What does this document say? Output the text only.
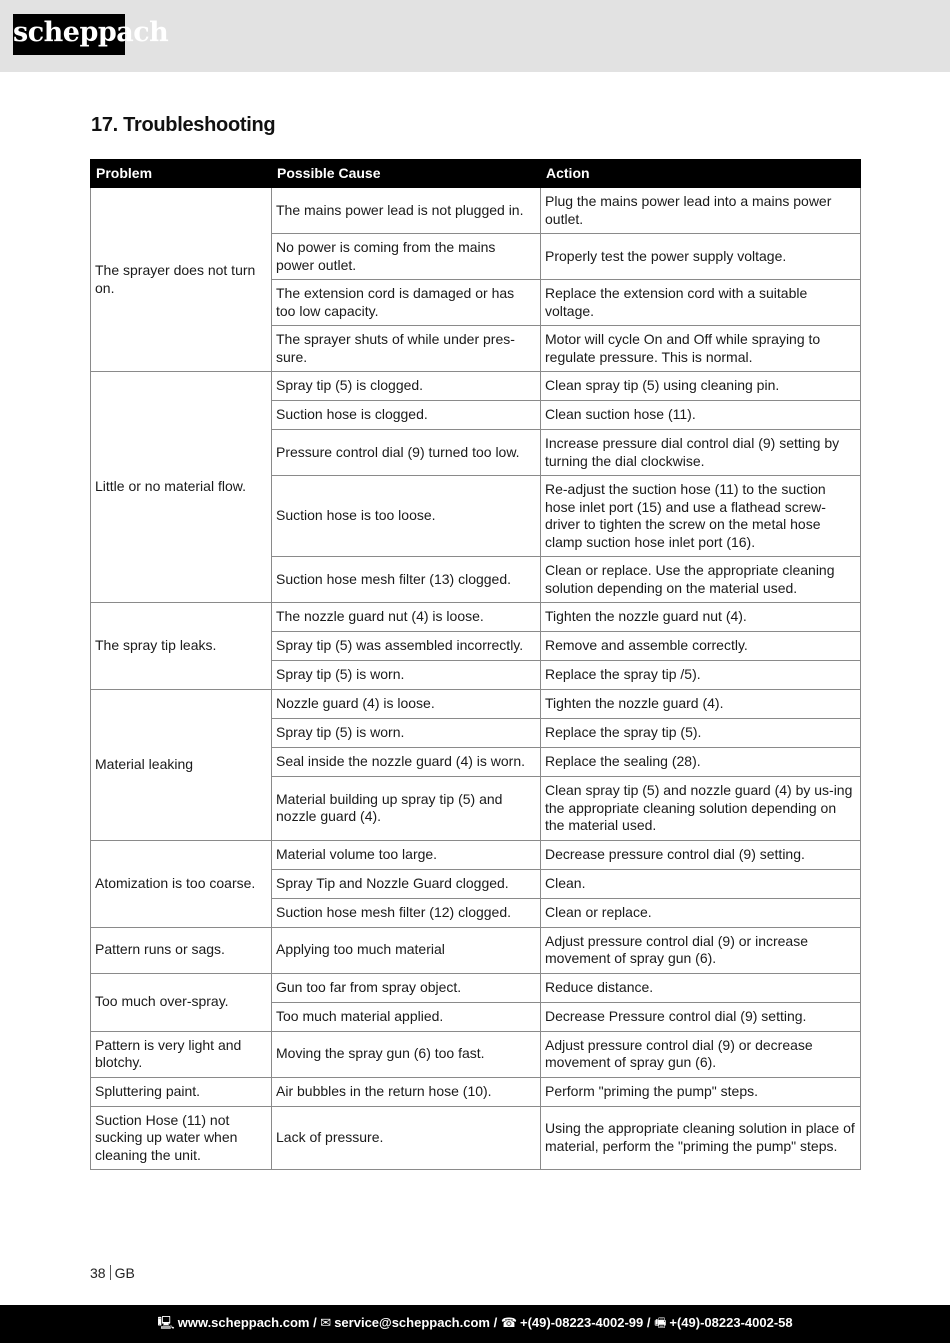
scheppach
17. Troubleshooting
Problem	Possible Cause	Action
The sprayer does not turn on.	The mains power lead is not plugged in.	Plug the mains power lead into a mains power outlet.
	No power is coming from the mains power outlet.	Properly test the power supply voltage.
	The extension cord is damaged or has too low capacity.	Replace the extension cord with a suitable voltage.
	The sprayer shuts of while under pres-sure.	Motor will cycle On and Off while spraying to regulate pressure. This is normal.
Little or no material flow.	Spray tip (5) is clogged.	Clean spray tip (5) using cleaning pin.
	Suction hose is clogged.	Clean suction hose (11).
	Pressure control dial (9) turned too low.	Increase pressure dial control dial (9) setting by turning the dial clockwise.
	Suction hose is too loose.	Re-adjust the suction hose (11) to the suction hose inlet port (15) and use a flathead screw-driver to tighten the screw on the metal hose clamp suction hose inlet port (16).
	Suction hose mesh filter (13) clogged.	Clean or replace. Use the appropriate cleaning solution depending on the material used.
The spray tip leaks.	The nozzle guard nut (4) is loose.	Tighten the nozzle guard nut (4).
	Spray tip (5) was assembled incorrectly.	Remove and assemble correctly.
	Spray tip (5) is worn.	Replace the spray tip /5).
Material leaking	Nozzle guard (4) is loose.	Tighten the nozzle guard (4).
	Spray tip (5) is worn.	Replace the spray tip (5).
	Seal inside the nozzle guard (4) is worn.	Replace the sealing (28).
	Material building up spray tip (5) and nozzle guard (4).	Clean spray tip (5) and nozzle guard (4) by us-ing the appropriate cleaning solution depending on the material used.
Atomization is too coarse.	Material volume too large.	Decrease pressure control dial (9) setting.
	Spray Tip and Nozzle Guard clogged.	Clean.
	Suction hose mesh filter (12) clogged.	Clean or replace.
Pattern runs or sags.	Applying too much material	Adjust pressure control dial (9) or increase movement of spray gun (6).
Too much over-spray.	Gun too far from spray object.	Reduce distance.
	Too much material applied.	Decrease Pressure control dial (9) setting.
Pattern is very light and blotchy.	Moving the spray gun (6) too fast.	Adjust pressure control dial (9) or decrease movement of spray gun (6).
Spluttering paint.	Air bubbles in the return hose (10).	Perform "priming the pump" steps.
Suction Hose (11) not sucking up water when cleaning the unit.	Lack of pressure.	Using the appropriate cleaning solution in place of material, perform the "priming the pump" steps.
38 GB
🖳 www.scheppach.com / ✉ service@scheppach.com / ☎ +(49)-08223-4002-99 / 🖷 +(49)-08223-4002-58
